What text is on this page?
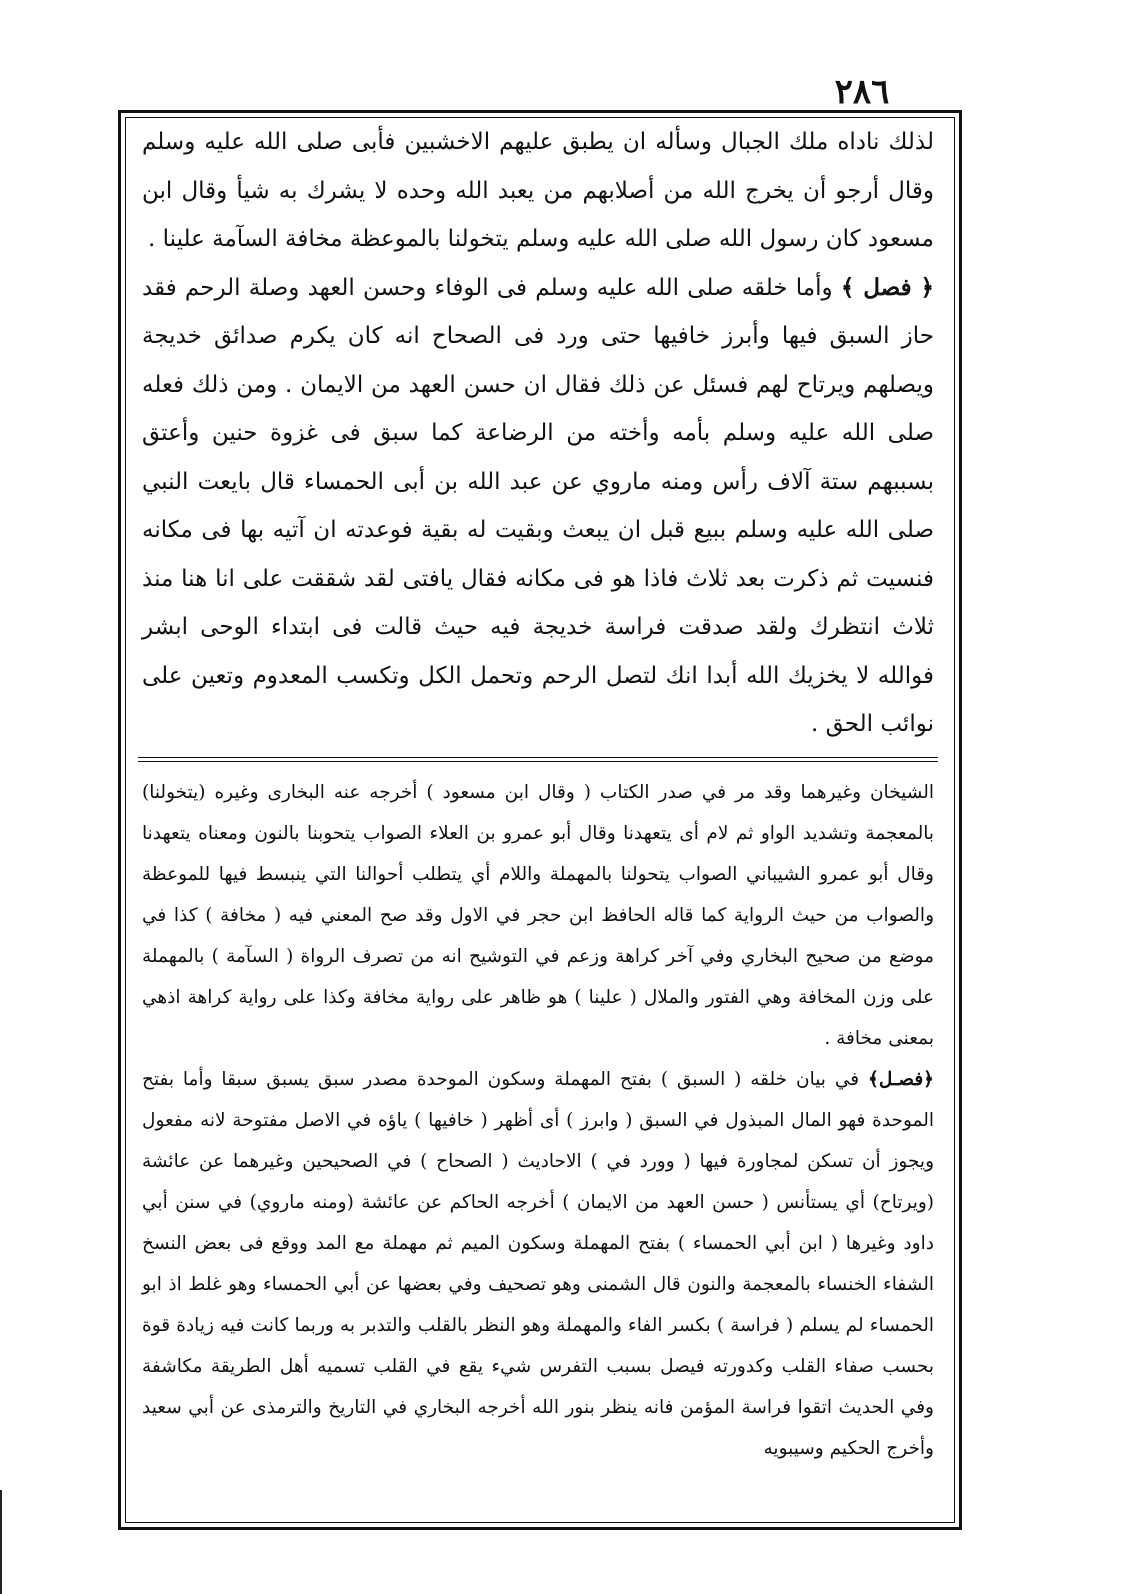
٢٨٦

لذلك ناداه ملك الجبال وسأله ان يطبق عليهم الاخشبين فأبى صلى الله عليه وسلم وقال أرجو أن يخرج الله من أصلابهم من يعبد الله وحده لا يشرك به شيأ وقال ابن مسعود كان رسول الله صلى الله عليه وسلم يتخولنا بالموعظة مخافة السآمة علينا .

﴿ فصل ﴾ وأما خلقه صلى الله عليه وسلم فى الوفاء وحسن العهد وصلة الرحم فقد حاز السبق فيها وأبرز خافيها حتى ورد فى الصحاح انه كان يكرم صدائق خديجة ويصلهم ويرتاح لهم فسئل عن ذلك فقال ان حسن العهد من الايمان . ومن ذلك فعله صلى الله عليه وسلم بأمه وأخته من الرضاعة كما سبق فى غزوة حنين وأعتق بسببهم ستة آلاف رأس ومنه ماروي عن عبد الله بن أبى الحمساء قال بايعت النبي صلى الله عليه وسلم ببيع قبل ان يبعث وبقيت له بقية فوعدته ان آتيه بها فى مكانه فنسيت ثم ذكرت بعد ثلاث فاذا هو فى مكانه فقال يافتى لقد شققت على انا هنا منذ ثلاث انتظرك ولقد صدقت فراسة خديجة فيه حيث قالت فى ابتداء الوحى ابشر فوالله لا يخزيك الله أبدا انك لتصل الرحم وتحمل الكل وتكسب المعدوم وتعين على نوائب الحق .

الشيخان وغيرهما وقد مر في صدر الكتاب ( وقال ابن مسعود ) أخرجه عنه البخارى وغيره (يتخولنا) بالمعجمة وتشديد الواو ثم لام أى يتعهدنا وقال أبو عمرو بن العلاء الصواب يتحوبنا بالنون ومعناه يتعهدنا وقال أبو عمرو الشيباني الصواب يتحولنا بالمهملة واللام أي يتطلب أحوالنا التي ينبسط فيها للموعظة والصواب من حيث الرواية كما قاله الحافظ ابن حجر في الاول وقد صح المعني فيه ( مخافة ) كذا في موضع من صحيح البخاري وفي آخر كراهة وزعم في التوشيح انه من تصرف الرواة ( السآمة ) بالمهملة على وزن المخافة وهي الفتور والملال ( علينا ) هو ظاهر على رواية مخافة وكذا على رواية كراهة اذهي بمعنى مخافة .

﴿فصـل﴾ في بيان خلقه ( السبق ) بفتح المهملة وسكون الموحدة مصدر سبق يسبق سبقا وأما بفتح الموحدة فهو المال المبذول في السبق ( وابرز ) أى أظهر ( خافيها ) ياؤه في الاصل مفتوحة لانه مفعول ويجوز أن تسكن لمجاورة فيها ( وورد في ) الاحاديث ( الصحاح ) في الصحيحين وغيرهما عن عائشة (ويرتاح) أي يستأنس ( حسن العهد من الايمان ) أخرجه الحاكم عن عائشة (ومنه ماروي) في سنن أبي داود وغيرها ( ابن أبي الحمساء ) بفتح المهملة وسكون الميم ثم مهملة مع المد ووقع فى بعض النسخ الشفاء الخنساء بالمعجمة والنون قال الشمنى وهو تصحيف وفي بعضها عن أبي الحمساء وهو غلط اذ ابو الحمساء لم يسلم ( فراسة ) بكسر الفاء والمهملة وهو النظر بالقلب والتدبر به وربما كانت فيه زيادة قوة بحسب صفاء القلب وكدورته فيصل بسبب التفرس شيء يقع في القلب تسميه أهل الطريقة مكاشفة وفي الحديث اتقوا فراسة المؤمن فانه ينظر بنور الله أخرجه البخاري في التاريخ والترمذى عن أبي سعيد وأخرج الحكيم وسيبويه
